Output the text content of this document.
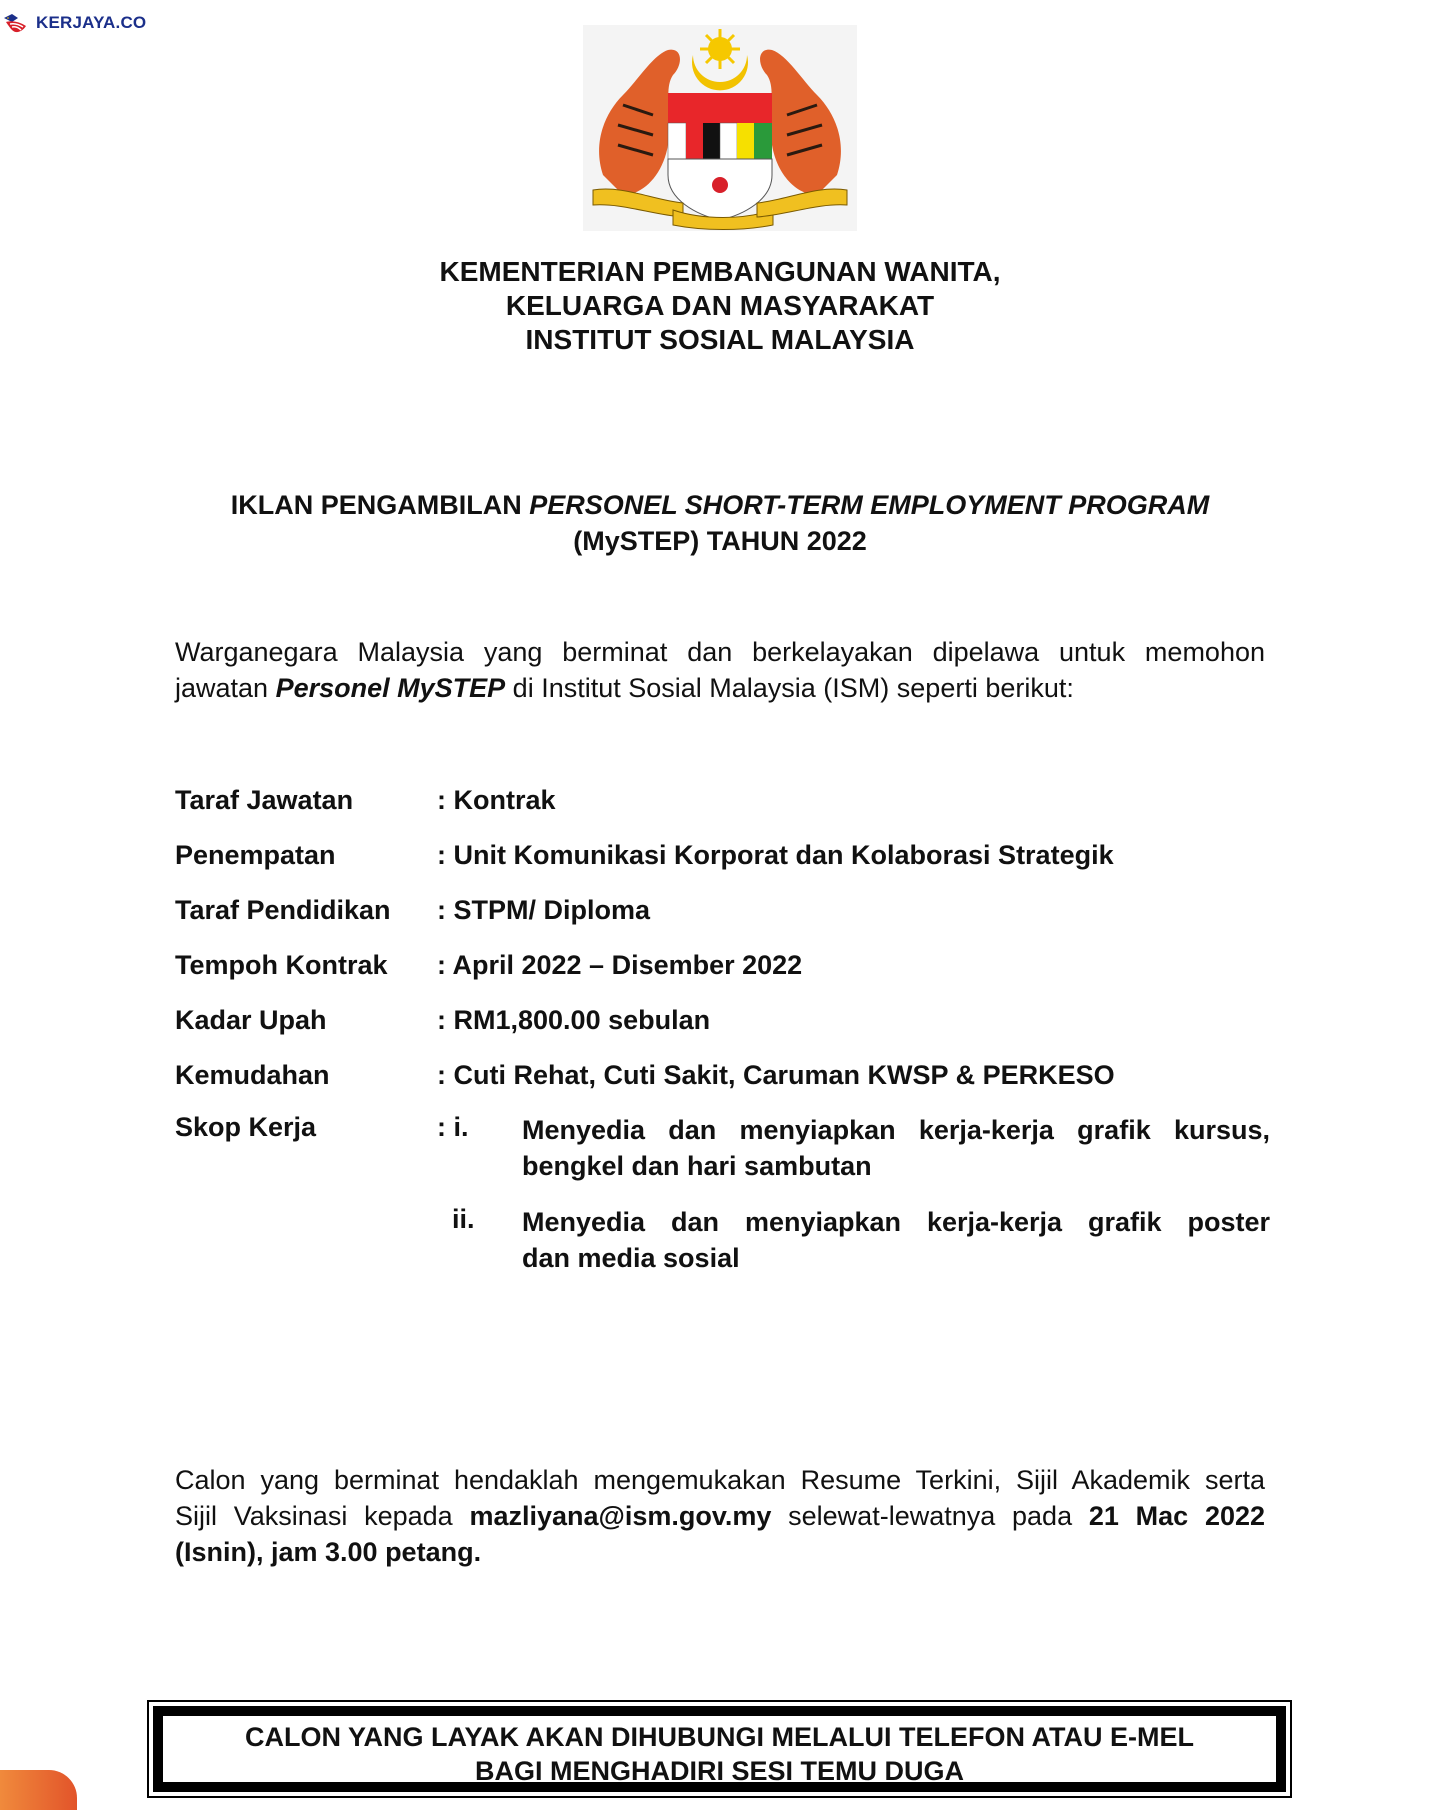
KERJAYA.CO
KEMENTERIAN PEMBANGUNAN WANITA,
KELUARGA DAN MASYARAKAT
INSTITUT SOSIAL MALAYSIA
IKLAN PENGAMBILAN PERSONEL SHORT-TERM EMPLOYMENT PROGRAM
(MySTEP) TAHUN 2022
Warganegara Malaysia yang berminat dan berkelayakan dipelawa untuk memohon
jawatan Personel MySTEP di Institut Sosial Malaysia (ISM) seperti berikut:
Taraf Jawatan	: Kontrak
Penempatan	: Unit Komunikasi Korporat dan Kolaborasi Strategik
Taraf Pendidikan : STPM/ Diploma
Tempoh Kontrak : April 2022 – Disember 2022
Kadar Upah	: RM1,800.00 sebulan
Kemudahan	: Cuti Rehat, Cuti Sakit, Caruman KWSP & PERKESO
Skop Kerja	: i. Menyedia dan menyiapkan kerja-kerja grafik kursus,
bengkel dan hari sambutan
ii. Menyedia dan menyiapkan kerja-kerja grafik poster
dan media sosial
Calon yang berminat hendaklah mengemukakan Resume Terkini, Sijil Akademik serta
Sijil Vaksinasi kepada mazliyana@ism.gov.my selewat-lewatnya pada 21 Mac 2022
(Isnin), jam 3.00 petang.
CALON YANG LAYAK AKAN DIHUBUNGI MELALUI TELEFON ATAU E-MEL
BAGI MENGHADIRI SESI TEMU DUGA
